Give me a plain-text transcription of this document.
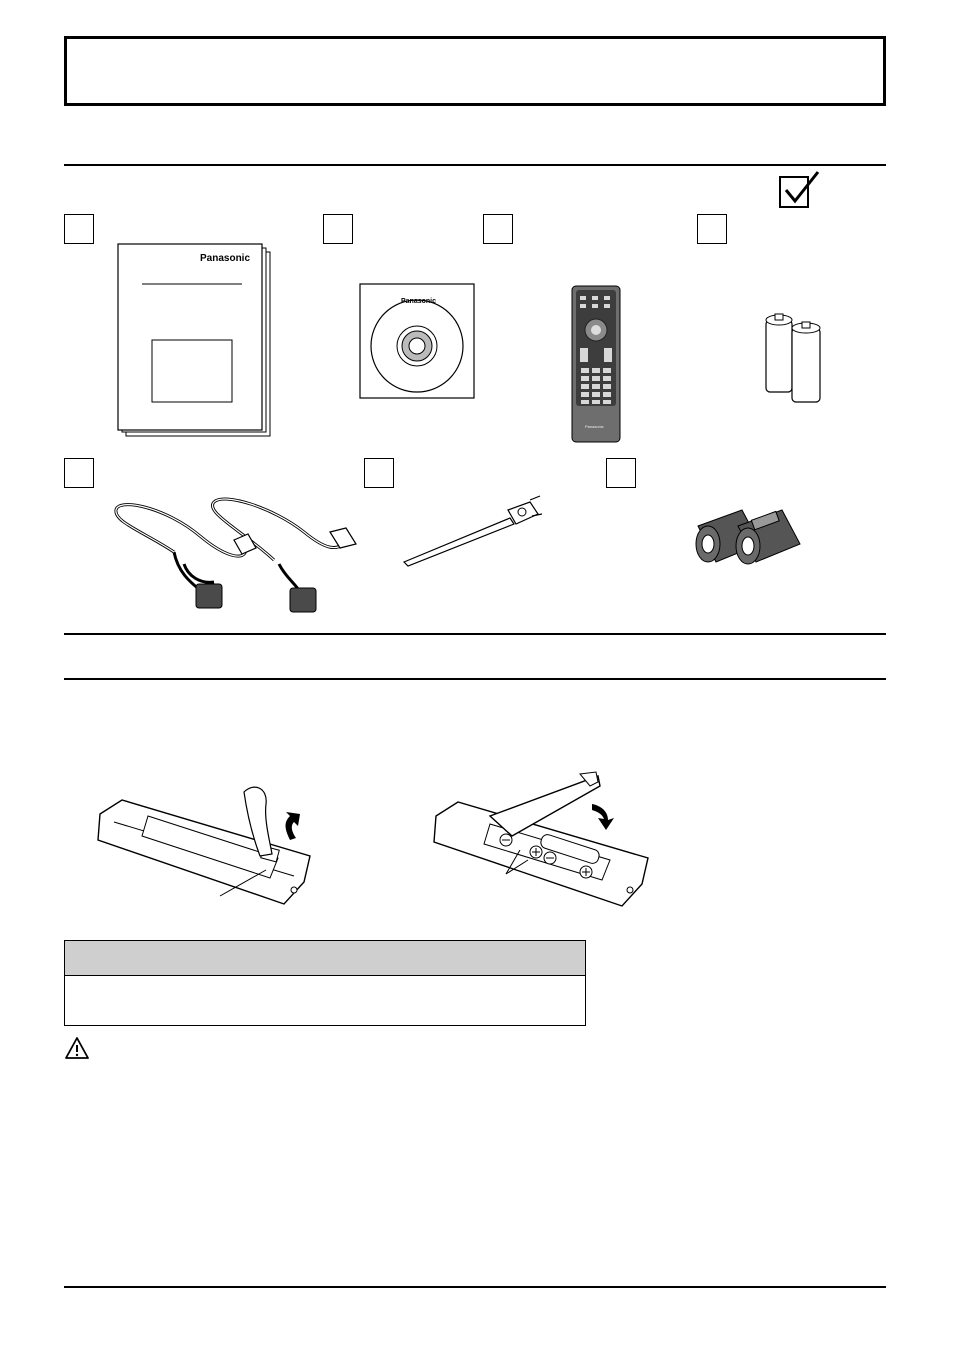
Panasonic
Panasonic
Panasonic
